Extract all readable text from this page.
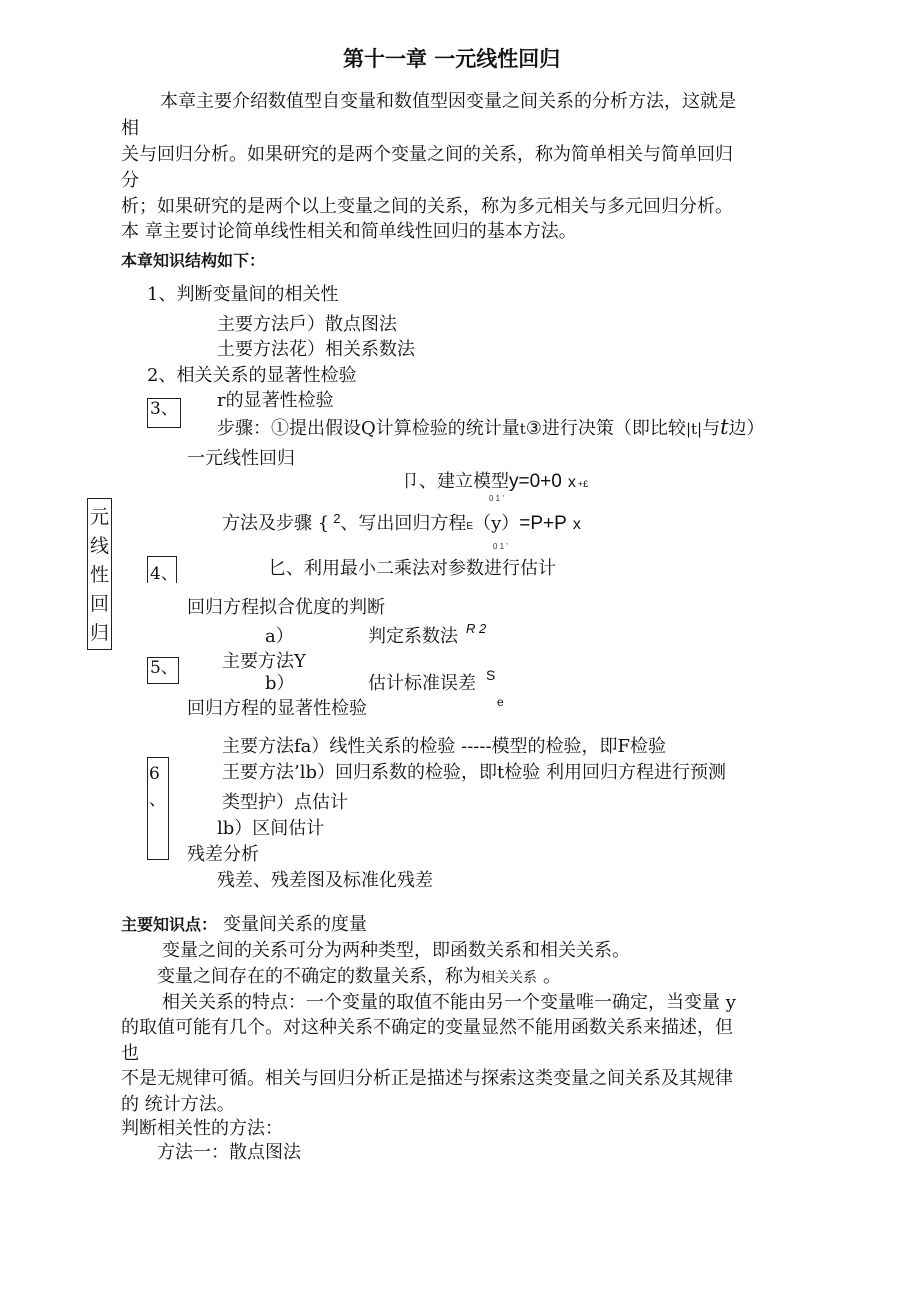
第十一章 一元线性回归
本章主要介绍数值型自变量和数值型因变量之间关系的分析方法，这就是
相
关与回归分析。如果研究的是两个变量之间的关系，称为简单相关与简单回归
分
析；如果研究的是两个以上变量之间的关系，称为多元相关与多元回归分析。
本 章主要讨论简单线性相关和简单线性回归的基本方法。
本章知识结构如下：
元
线
性
回
归
1、判断变量间的相关性
主要方法戶）散点图法
土要方法花）相关系数法
2、相关关系的显著性检验
3、 r的显著性检验
步骤：①提出假设Q计算检验的统计量t③进行决策（即比较|t|与t边）
一元线性回归
卩、建立模型y=0+0 x +£
0 1 '
方法及步骤 { $^2$、写出回归方程E（y）=P+P x
0 1 '
4、	匕、利用最小二乘法对参数进行估计
回归方程拟合优度的判断
a）	判定系数法 R 2
5、 主要方法Y
b）	估计标准误差 S
e
回归方程的显著性检验
主要方法fa）线性关系的检验 -----模型的检验，即F检验
6
、
王要方法’lb）回归系数的检验，即t检验 利用回归方程进行预测
类型护）点估计
lb）区间估计
残差分析
残差、残差图及标准化残差
主要知识点： 变量间关系的度量
变量之间的关系可分为两种类型，即函数关系和相关关系。
变量之间存在的不确定的数量关系，称为相关关系 。
相关关系的特点：一个变量的取值不能由另一个变量唯一确定，当变量 y
的取值可能有几个。对这种关系不确定的变量显然不能用函数关系来描述，但
也
不是无规律可循。相关与回归分析正是描述与探索这类变量之间关系及其规律
的 统计方法。
判断相关性的方法：
方法一：散点图法
